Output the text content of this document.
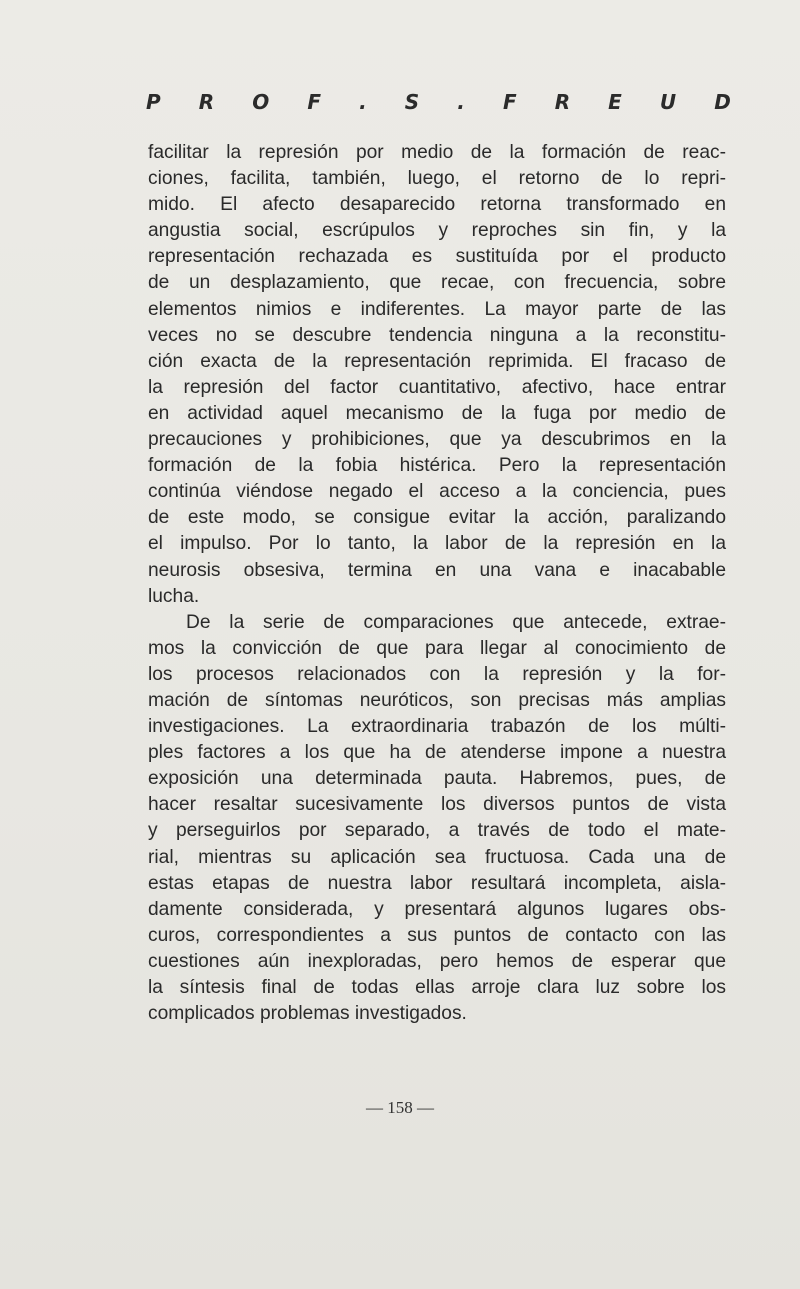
P R O F . S . F R E U D
facilitar la represión por medio de la formación de reac-
ciones, facilita, también, luego, el retorno de lo repri-
mido. El afecto desaparecido retorna transformado en
angustia social, escrúpulos y reproches sin fin, y la
representación rechazada es sustituída por el producto
de un desplazamiento, que recae, con frecuencia, sobre
elementos nimios e indiferentes. La mayor parte de las
veces no se descubre tendencia ninguna a la reconstitu-
ción exacta de la representación reprimida. El fracaso de
la represión del factor cuantitativo, afectivo, hace entrar
en actividad aquel mecanismo de la fuga por medio de
precauciones y prohibiciones, que ya descubrimos en la
formación de la fobia histérica. Pero la representación
continúa viéndose negado el acceso a la conciencia, pues
de este modo, se consigue evitar la acción, paralizando
el impulso. Por lo tanto, la labor de la represión en la
neurosis obsesiva, termina en una vana e inacabable
lucha.
De la serie de comparaciones que antecede, extrae-
mos la convicción de que para llegar al conocimiento de
los procesos relacionados con la represión y la for-
mación de síntomas neuróticos, son precisas más amplias
investigaciones. La extraordinaria trabazón de los múlti-
ples factores a los que ha de atenderse impone a nuestra
exposición una determinada pauta. Habremos, pues, de
hacer resaltar sucesivamente los diversos puntos de vista
y perseguirlos por separado, a través de todo el mate-
rial, mientras su aplicación sea fructuosa. Cada una de
estas etapas de nuestra labor resultará incompleta, aisla-
damente considerada, y presentará algunos lugares obs-
curos, correspondientes a sus puntos de contacto con las
cuestiones aún inexploradas, pero hemos de esperar que
la síntesis final de todas ellas arroje clara luz sobre los
complicados problemas investigados.
— 158 —
